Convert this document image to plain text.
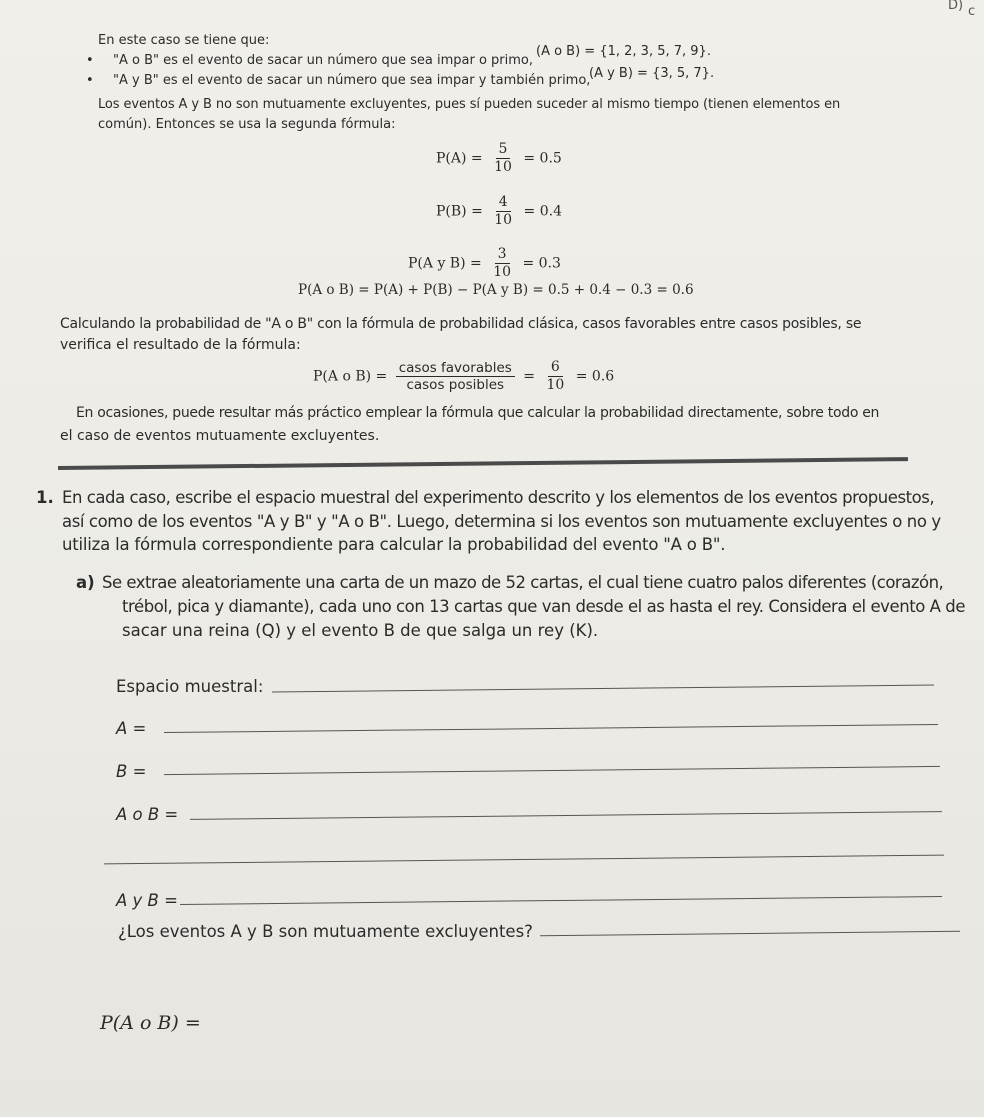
D) c
En este caso se tiene que:
• "A o B" es el evento de sacar un número que sea impar o primo,
(A o B) = {1, 2, 3, 5, 7, 9}.
• "A y B" es el evento de sacar un número que sea impar y también primo,
(A y B) = {3, 5, 7}.
Los eventos A y B no son mutuamente excluyentes, pues sí pueden suceder al mismo tiempo (tienen elementos en
común). Entonces se usa la segunda fórmula:
$P(A) = \frac{5}{10} = 0.5$
$P(B) = \frac{4}{10} = 0.4$
P(A y $B) = \frac{3}{10} = 0.3$
P(A o B) = P(A) + P(B) − P(A y B) = 0.5 + 0.4 − 0.3 = 0.6
Calculando la probabilidad de "A o B" con la fórmula de probabilidad clásica, casos favorables entre casos posibles, se
verifica el resultado de la fórmula:
P(A o $B) = \frac{\text{casos favorables}}{\text{casos posibles}} = \frac{6}{10} = 0.6$
En ocasiones, puede resultar más práctico emplear la fórmula que calcular la probabilidad directamente, sobre todo en
el caso de eventos mutuamente excluyentes.
1. En cada caso, escribe el espacio muestral del experimento descrito y los elementos de los eventos propuestos,
así como de los eventos "A y B" y "A o B". Luego, determina si los eventos son mutuamente excluyentes o no y
utiliza la fórmula correspondiente para calcular la probabilidad del evento "A o B".
a) Se extrae aleatoriamente una carta de un mazo de 52 cartas, el cual tiene cuatro palos diferentes (corazón,
trébol, pica y diamante), cada uno con 13 cartas que van desde el as hasta el rey. Considera el evento A de
sacar una reina (Q) y el evento B de que salga un rey (K).
Espacio muestral:
A =
B =
A o B =
A y B =
¿Los eventos A y B son mutuamente excluyentes?
P(A o B) =
